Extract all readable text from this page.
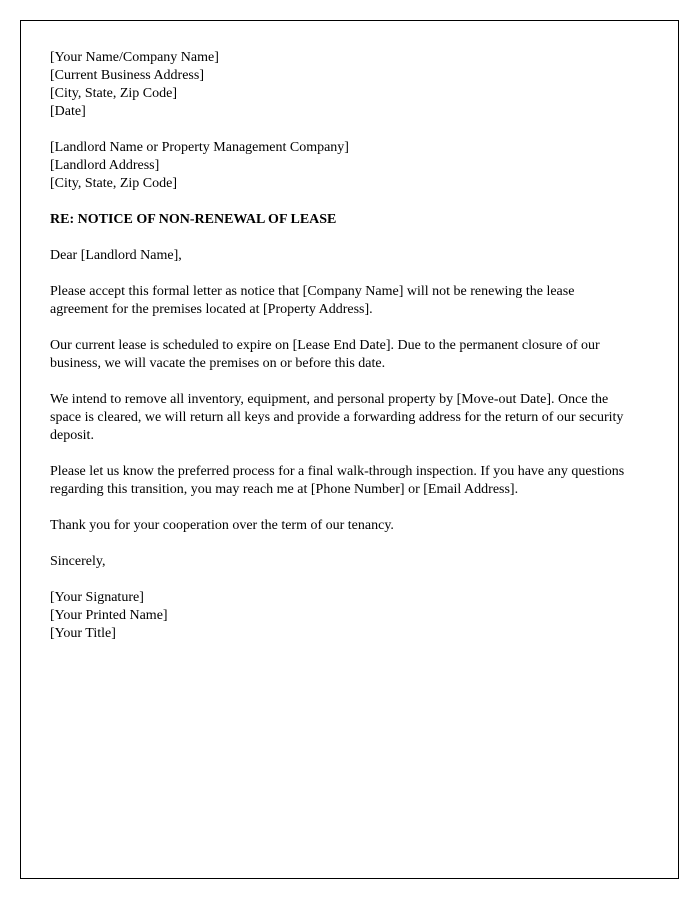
[Your Name/Company Name]
[Current Business Address]
[City, State, Zip Code]
[Date]
[Landlord Name or Property Management Company]
[Landlord Address]
[City, State, Zip Code]
RE: NOTICE OF NON-RENEWAL OF LEASE
Dear [Landlord Name],
Please accept this formal letter as notice that [Company Name] will not be renewing the lease agreement for the premises located at [Property Address].
Our current lease is scheduled to expire on [Lease End Date]. Due to the permanent closure of our business, we will vacate the premises on or before this date.
We intend to remove all inventory, equipment, and personal property by [Move-out Date]. Once the space is cleared, we will return all keys and provide a forwarding address for the return of our security deposit.
Please let us know the preferred process for a final walk-through inspection. If you have any questions regarding this transition, you may reach me at [Phone Number] or [Email Address].
Thank you for your cooperation over the term of our tenancy.
Sincerely,
[Your Signature]
[Your Printed Name]
[Your Title]
